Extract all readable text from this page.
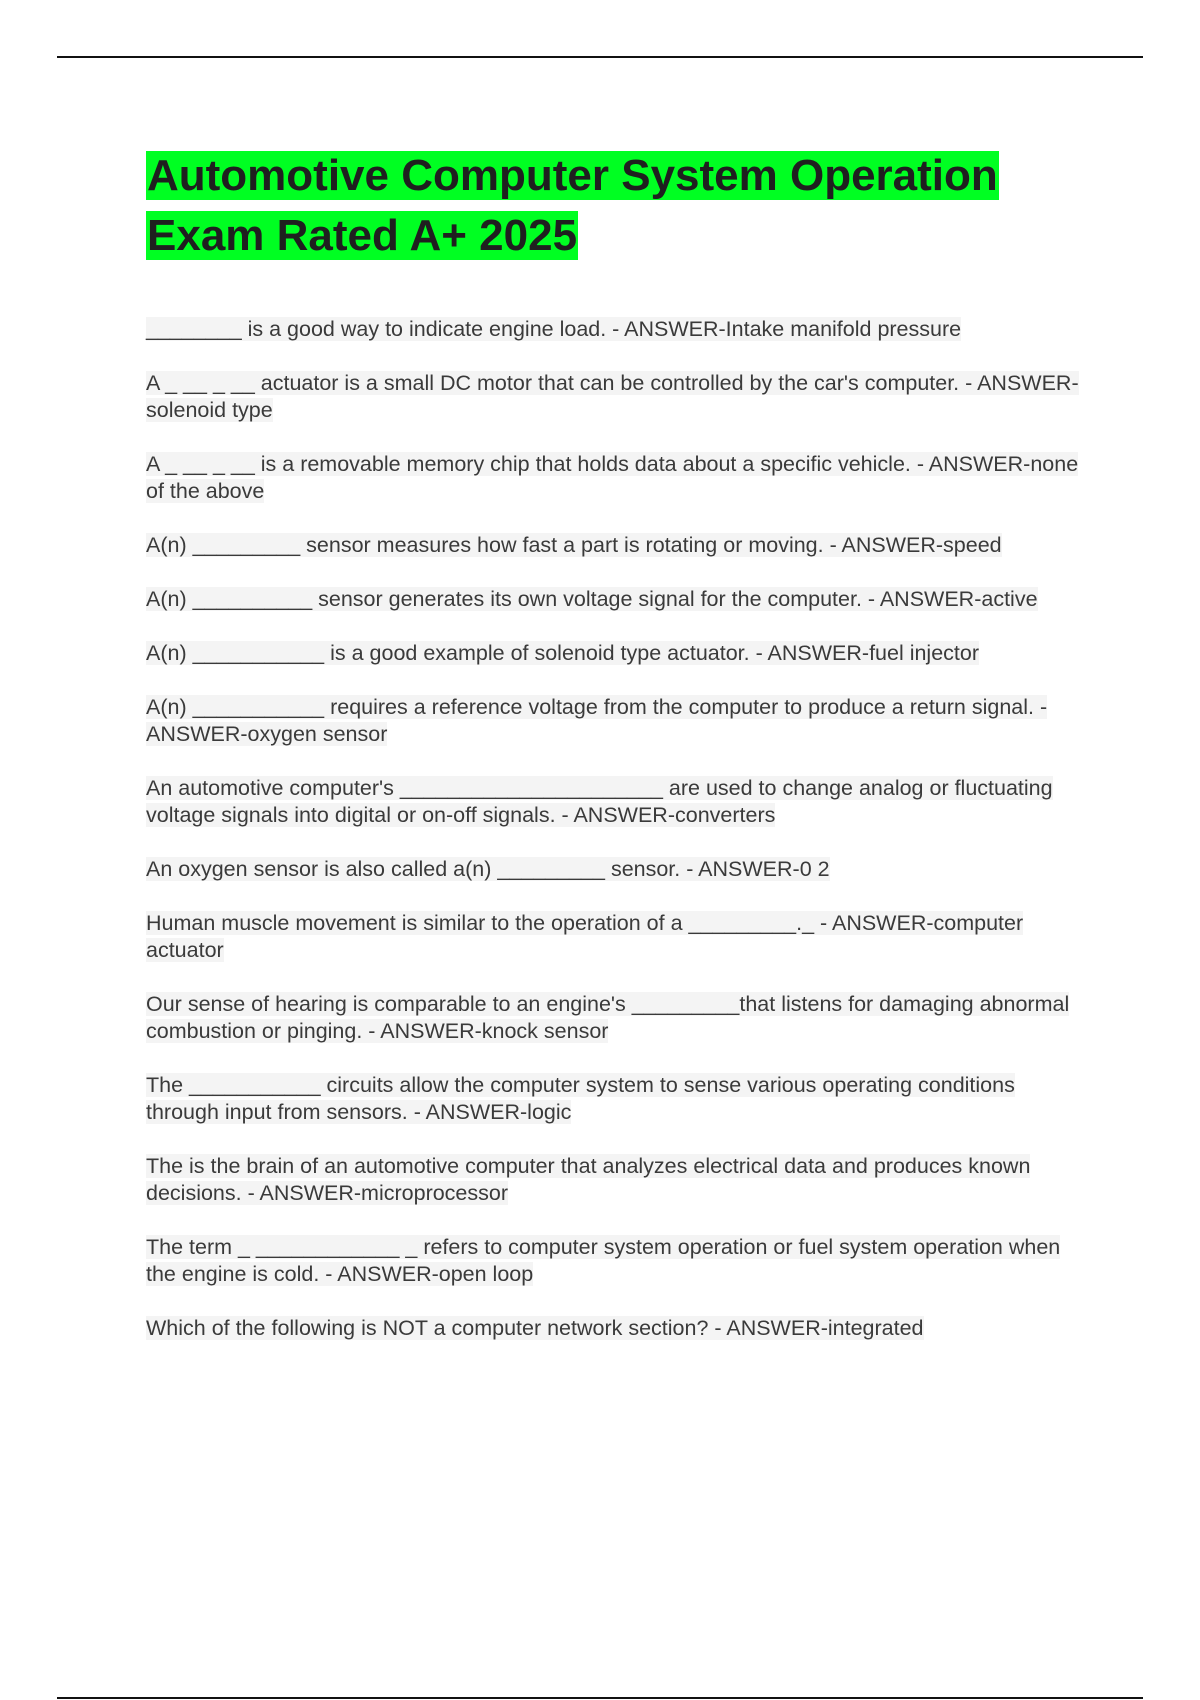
Automotive Computer System Operation Exam Rated A+ 2025

________ is a good way to indicate engine load. - ANSWER-Intake manifold pressure

A _ __ _ __ actuator is a small DC motor that can be controlled by the car's computer. - ANSWER-solenoid type

A _ __ _ __ is a removable memory chip that holds data about a specific vehicle. - ANSWER-none of the above

A(n) _________ sensor measures how fast a part is rotating or moving. - ANSWER-speed

A(n) __________ sensor generates its own voltage signal for the computer. - ANSWER-active

A(n) ___________ is a good example of solenoid type actuator. - ANSWER-fuel injector

A(n) ___________ requires a reference voltage from the computer to produce a return signal. - ANSWER-oxygen sensor

An automotive computer's ______________________ are used to change analog or fluctuating voltage signals into digital or on-off signals. - ANSWER-converters

An oxygen sensor is also called a(n) _________ sensor. - ANSWER-0 2

Human muscle movement is similar to the operation of a _________._ - ANSWER-computer actuator

Our sense of hearing is comparable to an engine's _________that listens for damaging abnormal combustion or pinging. - ANSWER-knock sensor

The ___________ circuits allow the computer system to sense various operating conditions through input from sensors. - ANSWER-logic

The is the brain of an automotive computer that analyzes electrical data and produces known decisions. - ANSWER-microprocessor

The term _ ____________ _ refers to computer system operation or fuel system operation when the engine is cold. - ANSWER-open loop

Which of the following is NOT a computer network section? - ANSWER-integrated
